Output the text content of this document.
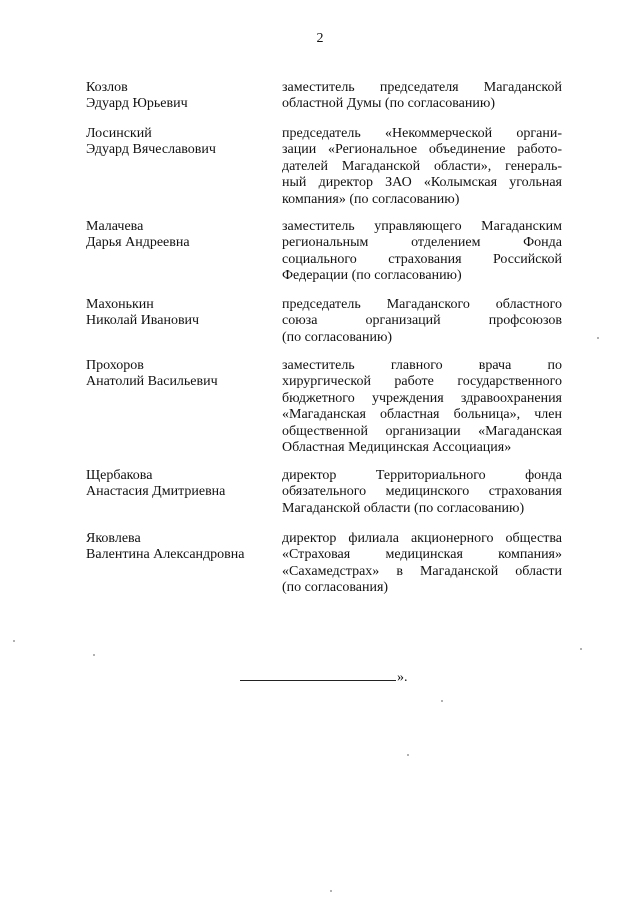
2
Козлов
Эдуард Юрьевич
заместитель председателя Магаданской
областной Думы (по согласованию)
Лосинский
Эдуард Вячеславович
председатель «Некоммерческой органи-
зации «Региональное объединение работо-
дателей Магаданской области», генераль-
ный директор ЗАО «Колымская угольная
компания» (по согласованию)
Малачева
Дарья Андреевна
заместитель управляющего Магаданским
региональным отделением Фонда
социального страхования Российской
Федерации (по согласованию)
Махонькин
Николай Иванович
председатель Магаданского областного
союза организаций профсоюзов
(по согласованию)
Прохоров
Анатолий Васильевич
заместитель главного врача по
хирургической работе государственного
бюджетного учреждения здравоохранения
«Магаданская областная больница», член
общественной организации «Магаданская
Областная Медицинская Ассоциация»
Щербакова
Анастасия Дмитриевна
директор Территориального фонда
обязательного медицинского страхования
Магаданской области (по согласованию)
Яковлева
Валентина Александровна
директор филиала акционерного общества
«Страховая медицинская компания»
«Сахамедстрах» в Магаданской области
(по согласования)
».
